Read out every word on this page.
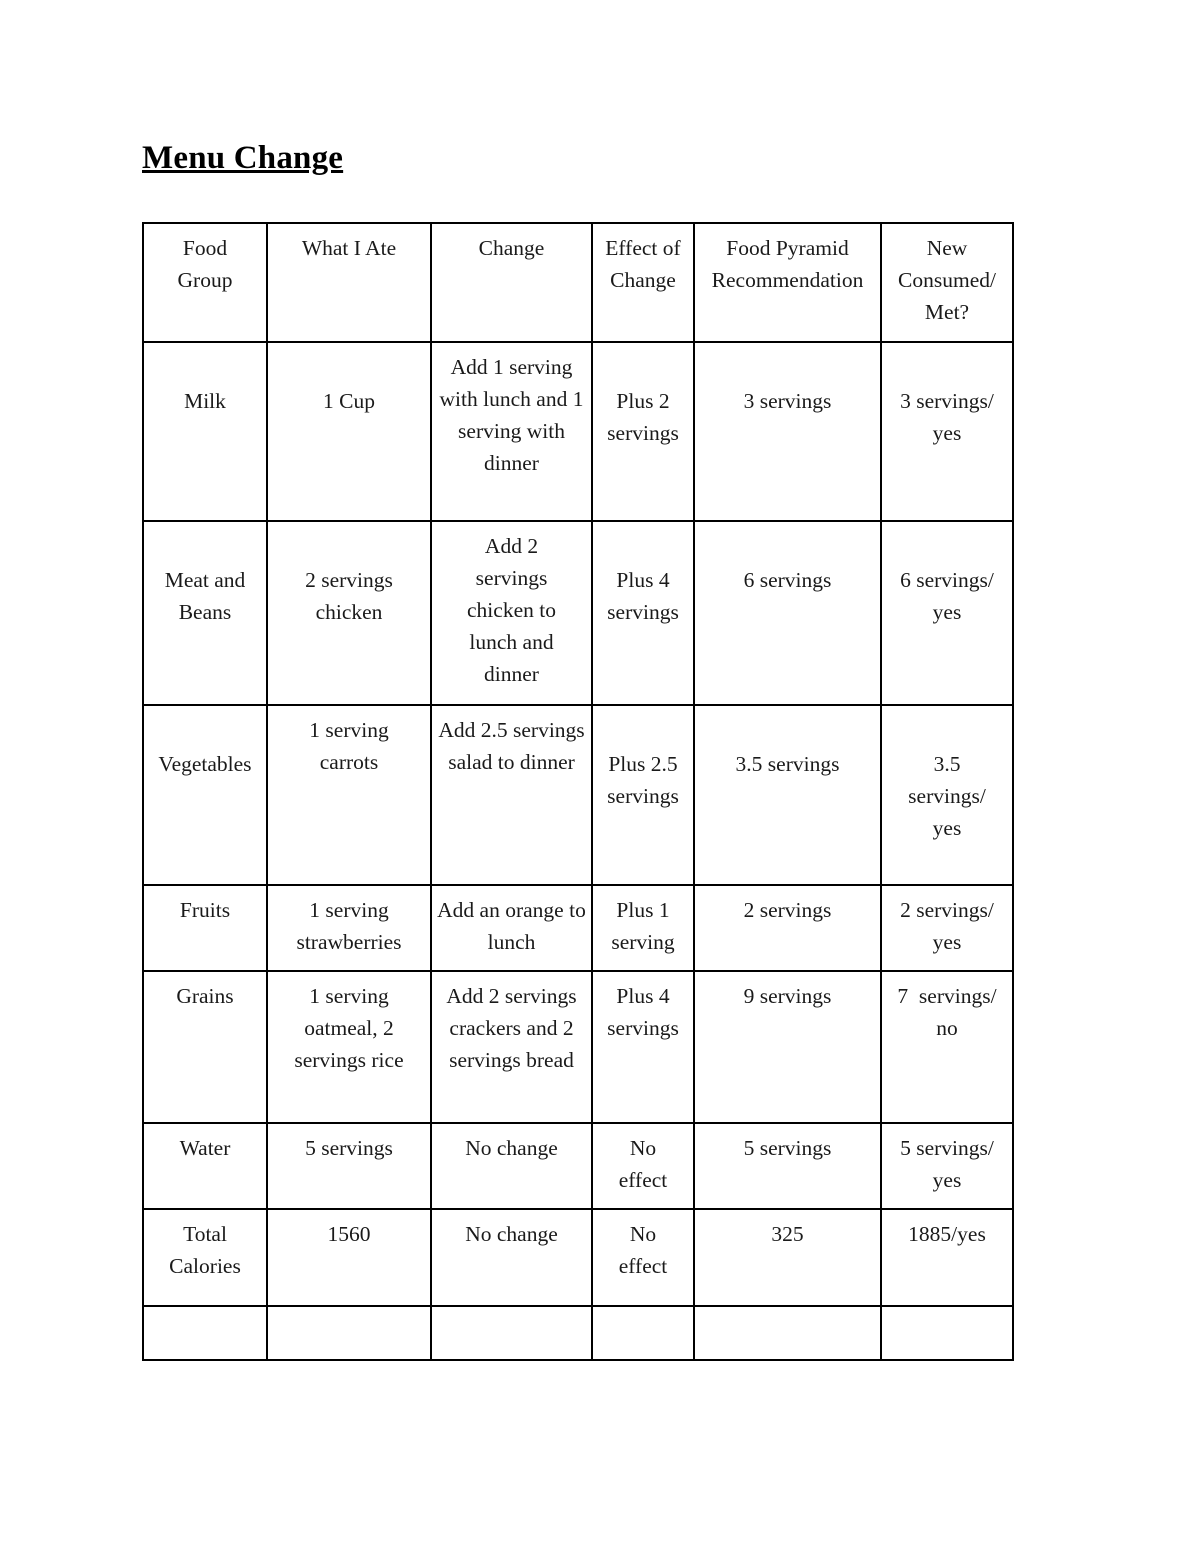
Menu Change
Food Group	What I Ate	Change	Effect of Change	Food Pyramid Recommendation	New Consumed/ Met?
Milk	1 Cup	Add 1 serving with lunch and 1 serving with dinner	Plus 2 servings	3 servings	3 servings/ yes
Meat and Beans	2 servings chicken	Add 2 servings chicken to lunch and dinner	Plus 4 servings	6 servings	6 servings/ yes
Vegetables	1 serving carrots	Add 2.5 servings salad to dinner	Plus 2.5 servings	3.5 servings	3.5 servings/ yes
Fruits	1 serving strawberries	Add an orange to lunch	Plus 1 serving	2 servings	2 servings/ yes
Grains	1 serving oatmeal, 2 servings rice	Add 2 servings crackers and 2 servings bread	Plus 4 servings	9 servings	7  servings/ no
Water	5 servings	No change	No effect	5 servings	5 servings/ yes
Total Calories	1560	No change	No effect	325	1885/yes
